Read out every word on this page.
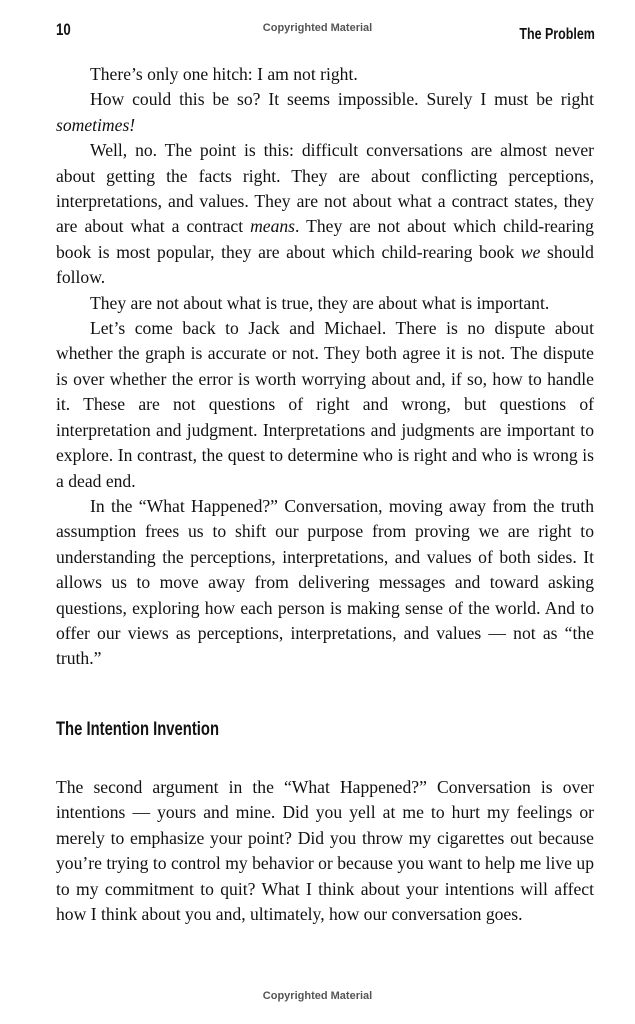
10	Copyrighted Material	The Problem

There’s only one hitch: I am not right.

How could this be so? It seems impossible. Surely I must be right sometimes!

Well, no. The point is this: difficult conversations are almost never about getting the facts right. They are about conflicting perceptions, interpretations, and values. They are not about what a contract states, they are about what a contract means. They are not about which child-rearing book is most popular, they are about which child-rearing book we should follow.

They are not about what is true, they are about what is important.

Let’s come back to Jack and Michael. There is no dispute about whether the graph is accurate or not. They both agree it is not. The dispute is over whether the error is worth worrying about and, if so, how to handle it. These are not questions of right and wrong, but questions of interpretation and judgment. Interpretations and judgments are important to explore. In contrast, the quest to determine who is right and who is wrong is a dead end.

In the “What Happened?” Conversation, moving away from the truth assumption frees us to shift our purpose from proving we are right to understanding the perceptions, interpretations, and values of both sides. It allows us to move away from delivering messages and toward asking questions, exploring how each person is making sense of the world. And to offer our views as perceptions, interpretations, and values — not as “the truth.”

The Intention Invention

The second argument in the “What Happened?” Conversation is over intentions — yours and mine. Did you yell at me to hurt my feelings or merely to emphasize your point? Did you throw my cigarettes out because you’re trying to control my behavior or because you want to help me live up to my commitment to quit? What I think about your intentions will affect how I think about you and, ultimately, how our conversation goes.

Copyrighted Material
